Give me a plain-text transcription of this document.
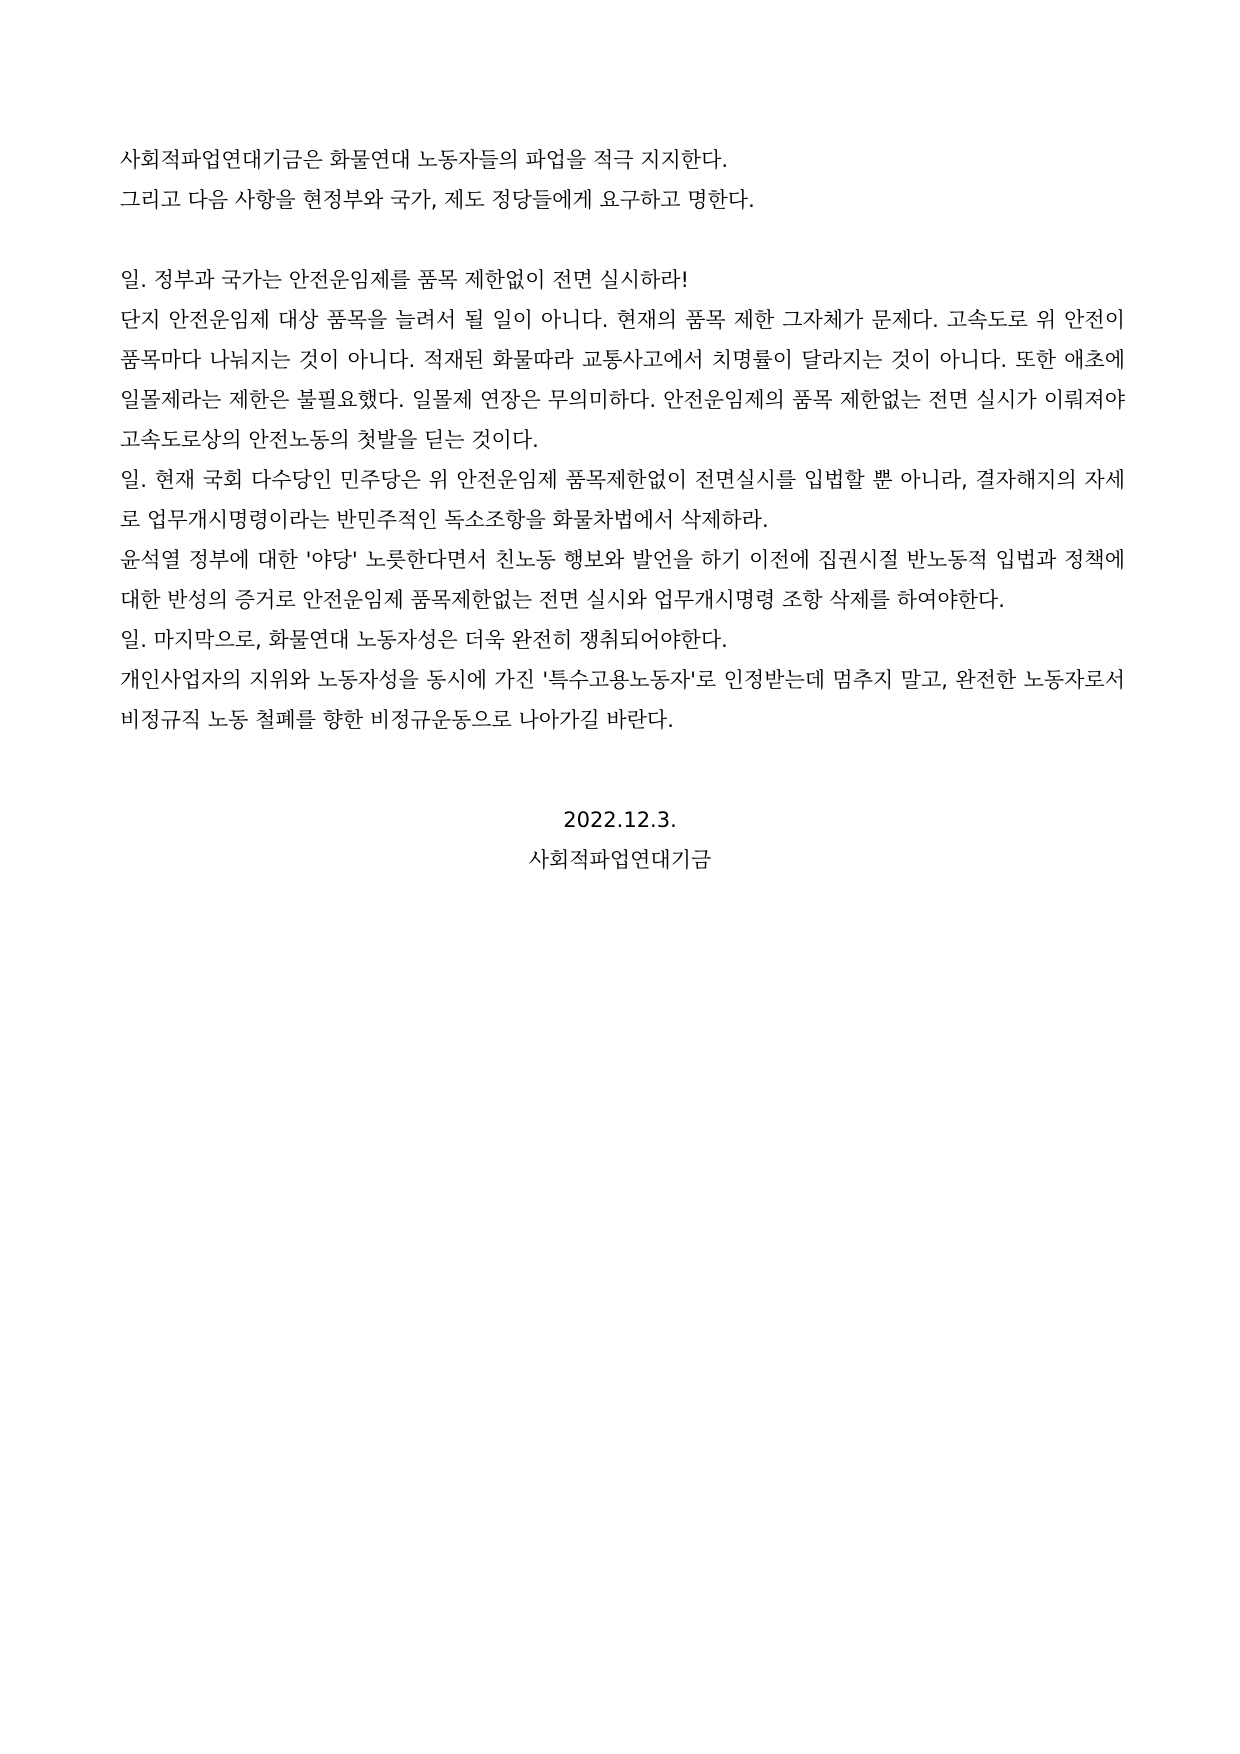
사회적파업연대기금은 화물연대 노동자들의 파업을 적극 지지한다.

그리고 다음 사항을 현정부와 국가, 제도 정당들에게 요구하고 명한다.

일. 정부과 국가는 안전운임제를 품목 제한없이 전면 실시하라!

단지 안전운임제 대상 품목을 늘려서 될 일이 아니다. 현재의 품목 제한 그자체가 문제다. 고속도로 위 안전이 품목마다 나눠지는 것이 아니다. 적재된 화물따라 교통사고에서 치명률이 달라지는 것이 아니다. 또한 애초에 일몰제라는 제한은 불필요했다. 일몰제 연장은 무의미하다. 안전운임제의 품목 제한없는 전면 실시가 이뤄져야 고속도로상의 안전노동의 첫발을 딛는 것이다.

일. 현재 국회 다수당인 민주당은 위 안전운임제 품목제한없이 전면실시를 입법할 뿐 아니라, 결자해지의 자세로 업무개시명령이라는 반민주적인 독소조항을 화물차법에서 삭제하라.

윤석열 정부에 대한 '야당' 노릇한다면서 친노동 행보와 발언을 하기 이전에 집권시절 반노동적 입법과 정책에 대한 반성의 증거로 안전운임제 품목제한없는 전면 실시와 업무개시명령 조항 삭제를 하여야한다.

일. 마지막으로, 화물연대 노동자성은 더욱 완전히 쟁취되어야한다.

개인사업자의 지위와 노동자성을 동시에 가진 '특수고용노동자'로 인정받는데 멈추지 말고, 완전한 노동자로서 비정규직 노동 철폐를 향한 비정규운동으로 나아가길 바란다.

2022.12.3.

사회적파업연대기금
